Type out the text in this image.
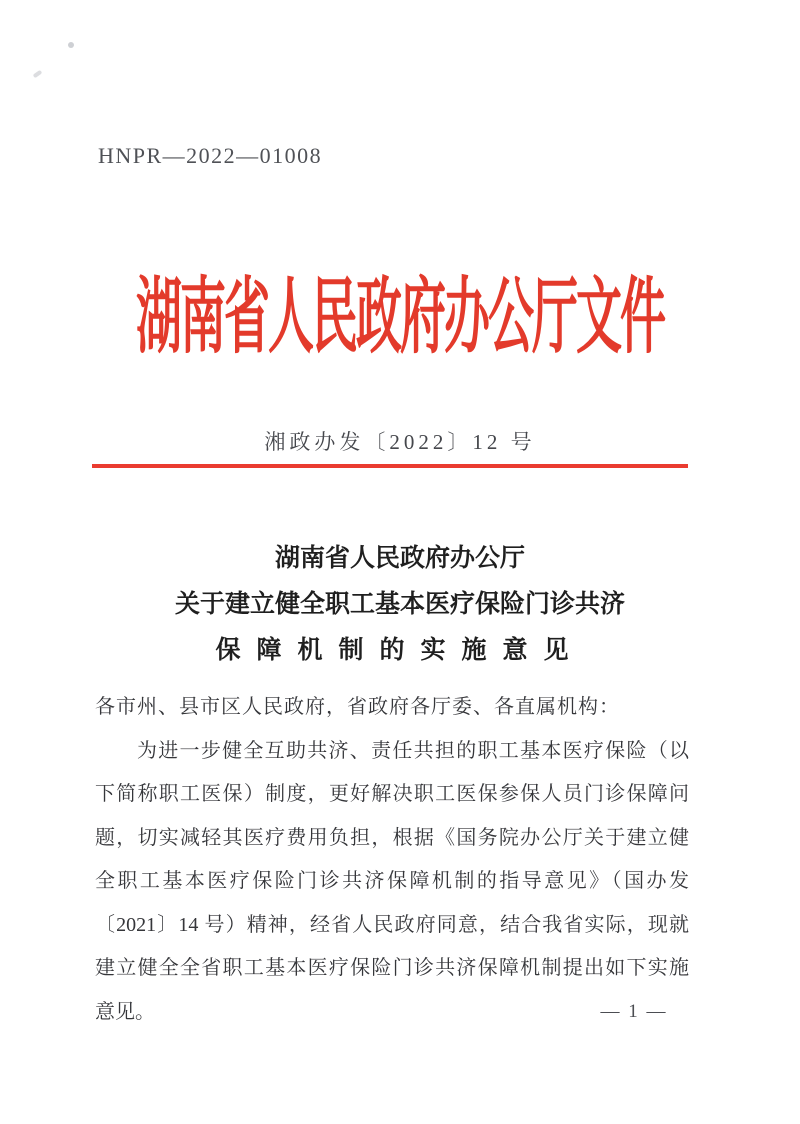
HNPR—2022—01008
湖南省人民政府办公厅文件
湘政办发〔2022〕12 号
湖南省人民政府办公厅
关于建立健全职工基本医疗保险门诊共济
保障机制的实施意见
各市州、县市区人民政府，省政府各厅委、各直属机构：
为进一步健全互助共济、责任共担的职工基本医疗保险（以
下简称职工医保）制度，更好解决职工医保参保人员门诊保障问
题，切实减轻其医疗费用负担，根据《国务院办公厅关于建立健
全职工基本医疗保险门诊共济保障机制的指导意见》（国办发
〔2021〕14 号）精神，经省人民政府同意，结合我省实际，现就
建立健全全省职工基本医疗保险门诊共济保障机制提出如下实施
意见。	— 1 —
